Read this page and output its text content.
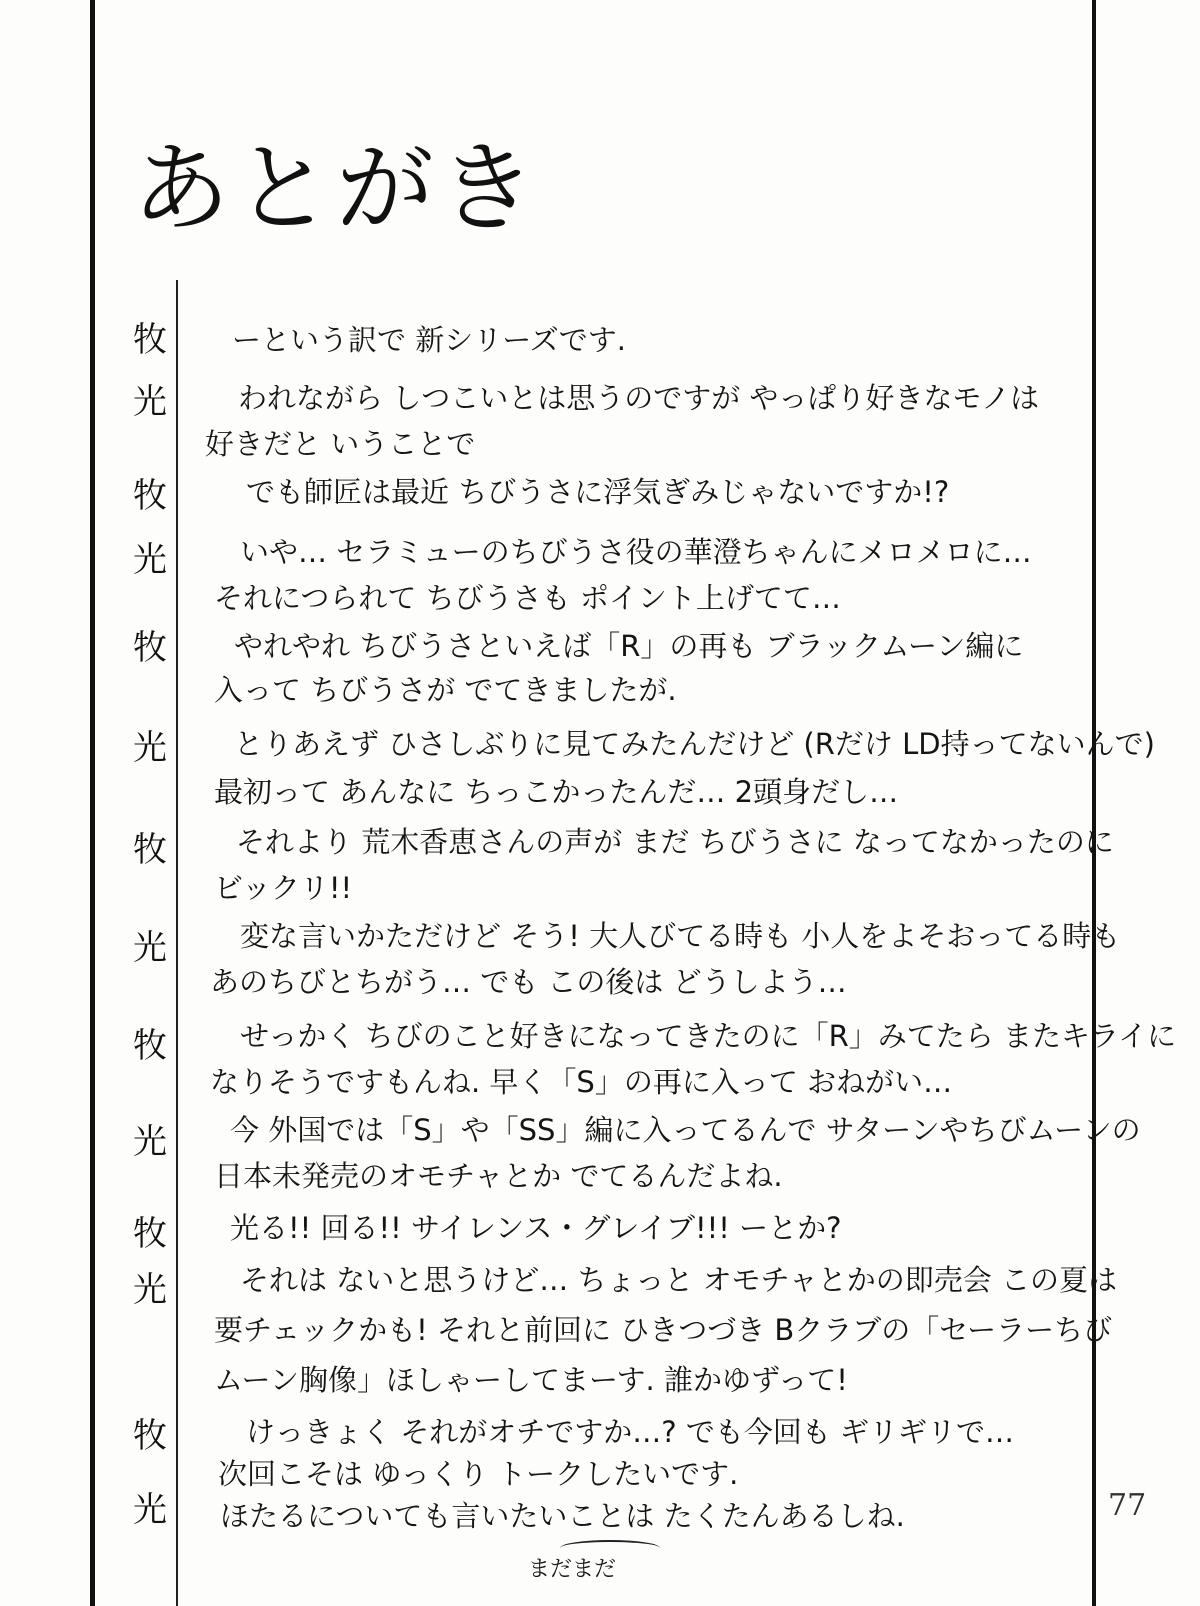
あとがき
牧
光
牧
光
牧
光
牧
光
牧
光
牧
光
牧
光
ーという訳で 新シリーズです.
われながら しつこいとは思うのですが やっぱり好きなモノは
好きだと いうことで
でも師匠は最近 ちびうさに浮気ぎみじゃないですか!?
いや… セラミューのちびうさ役の華澄ちゃんにメロメロに…
それにつられて ちびうさも ポイント上げてて…
やれやれ ちびうさといえば「R」の再も ブラックムーン編に
入って ちびうさが でてきましたが.
とりあえず ひさしぶりに見てみたんだけど (Rだけ LD持ってないんで)
最初って あんなに ちっこかったんだ… 2頭身だし…
それより 荒木香恵さんの声が まだ ちびうさに なってなかったのに
ビックリ!!
変な言いかただけど そう! 大人びてる時も 小人をよそおってる時も
あのちびとちがう… でも この後は どうしよう…
せっかく ちびのこと好きになってきたのに「R」みてたら またキライに
なりそうですもんね. 早く「S」の再に入って おねがい…
今 外国では「S」や「SS」編に入ってるんで サターンやちびムーンの
日本未発売のオモチャとか でてるんだよね.
光る!! 回る!! サイレンス・グレイブ!!! ーとか?
それは ないと思うけど… ちょっと オモチャとかの即売会 この夏は
要チェックかも! それと前回に ひきつづき Bクラブの「セーラーちび
ムーン胸像」ほしゃーしてまーす. 誰かゆずって!
けっきょく それがオチですか…? でも今回も ギリギリで…
次回こそは ゆっくり トークしたいです.
ほたるについても言いたいことは たくたんあるしね.
まだまだ
77
